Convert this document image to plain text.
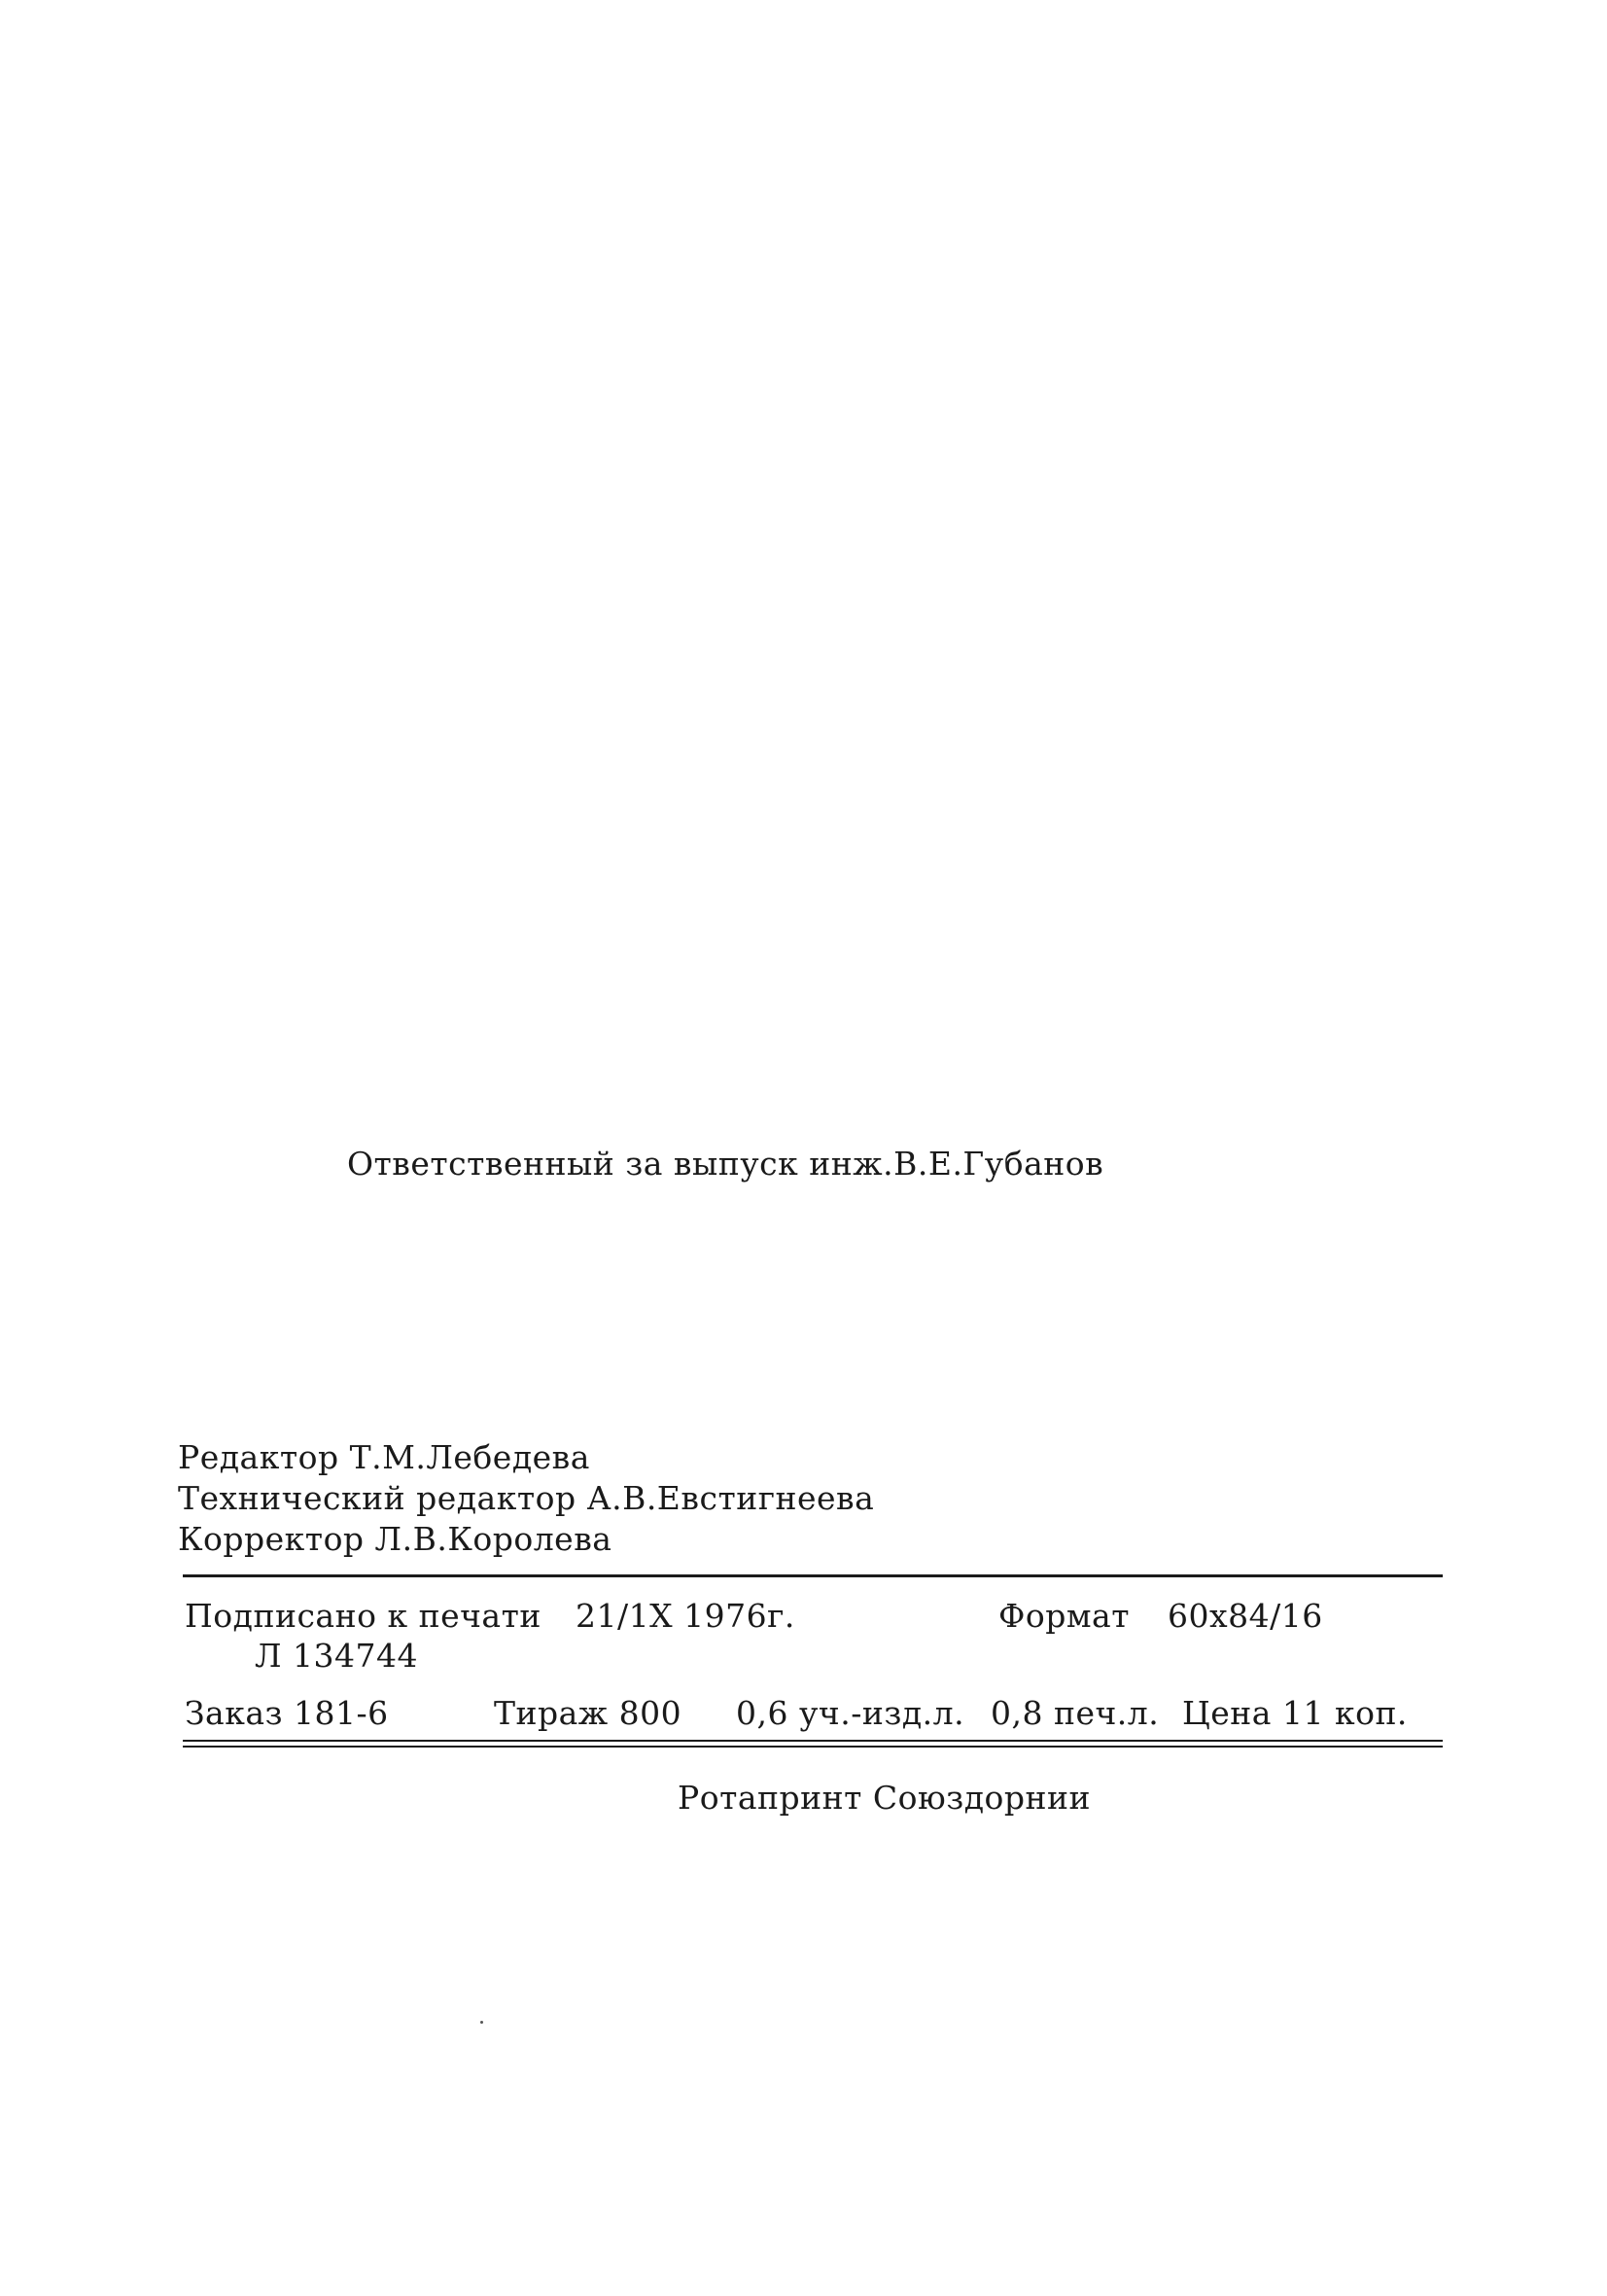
Ответственный за выпуск инж.В.Е.Губанов
Редактор Т.М.Лебедева
Технический редактор А.В.Евстигнеева
Корректор Л.В.Королева
Подписано к печати 21/1Х 1976г.	Формат 60х84/16
Л 134744
Заказ 181-6	Тираж 800 0,6 уч.-изд.л. 0,8 печ.л. Цена 11 коп.
Ротапринт Союздорнии
